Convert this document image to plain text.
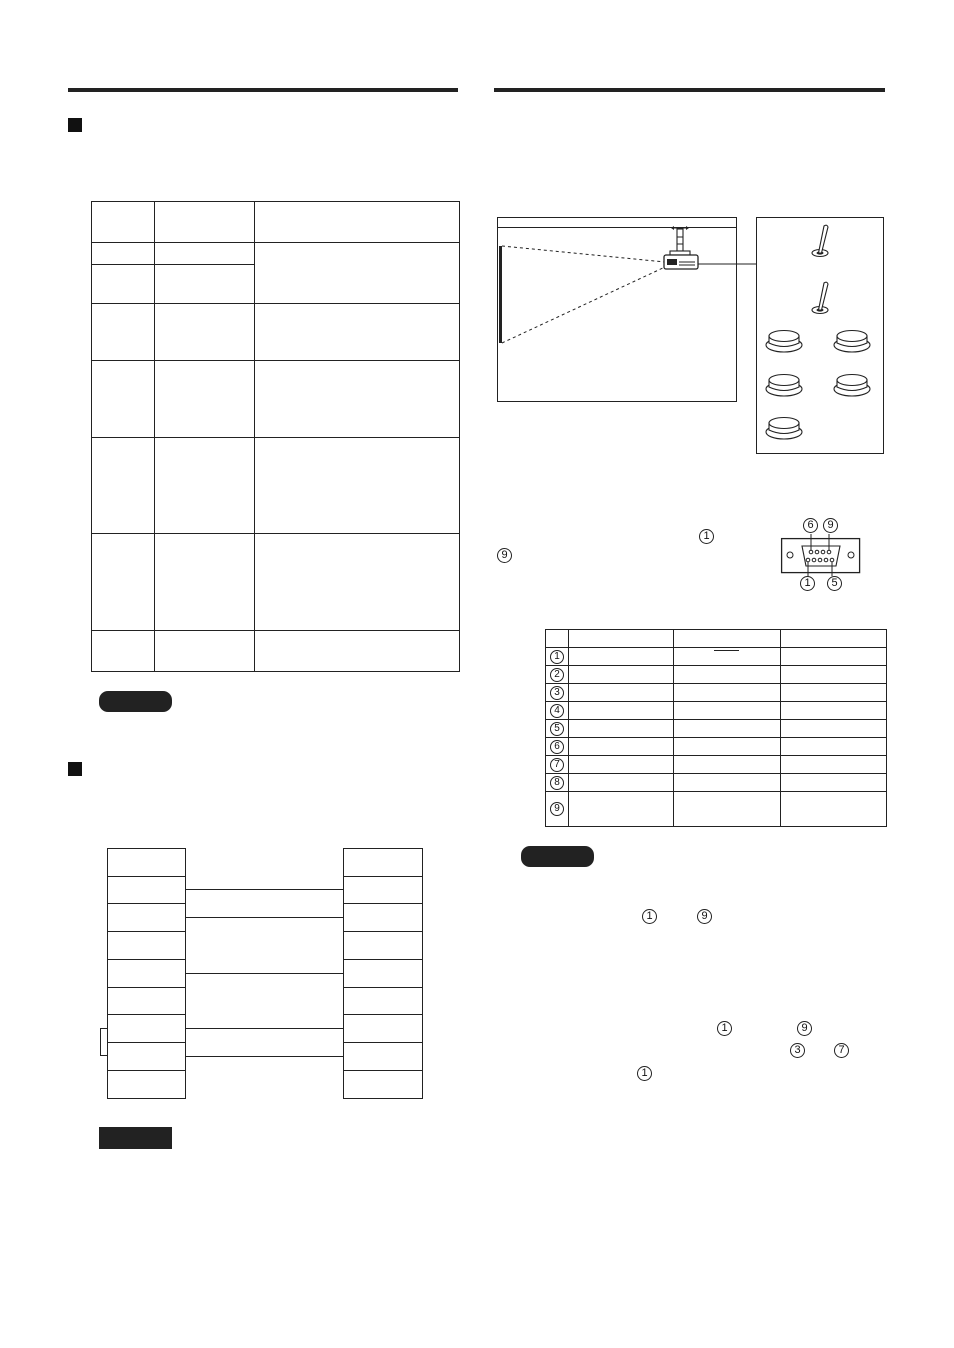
1
9
6	9
1	5

1			

2			

3			

4			

5			

6			

7			

8			

9			

1	9
1	9
3	7
1
